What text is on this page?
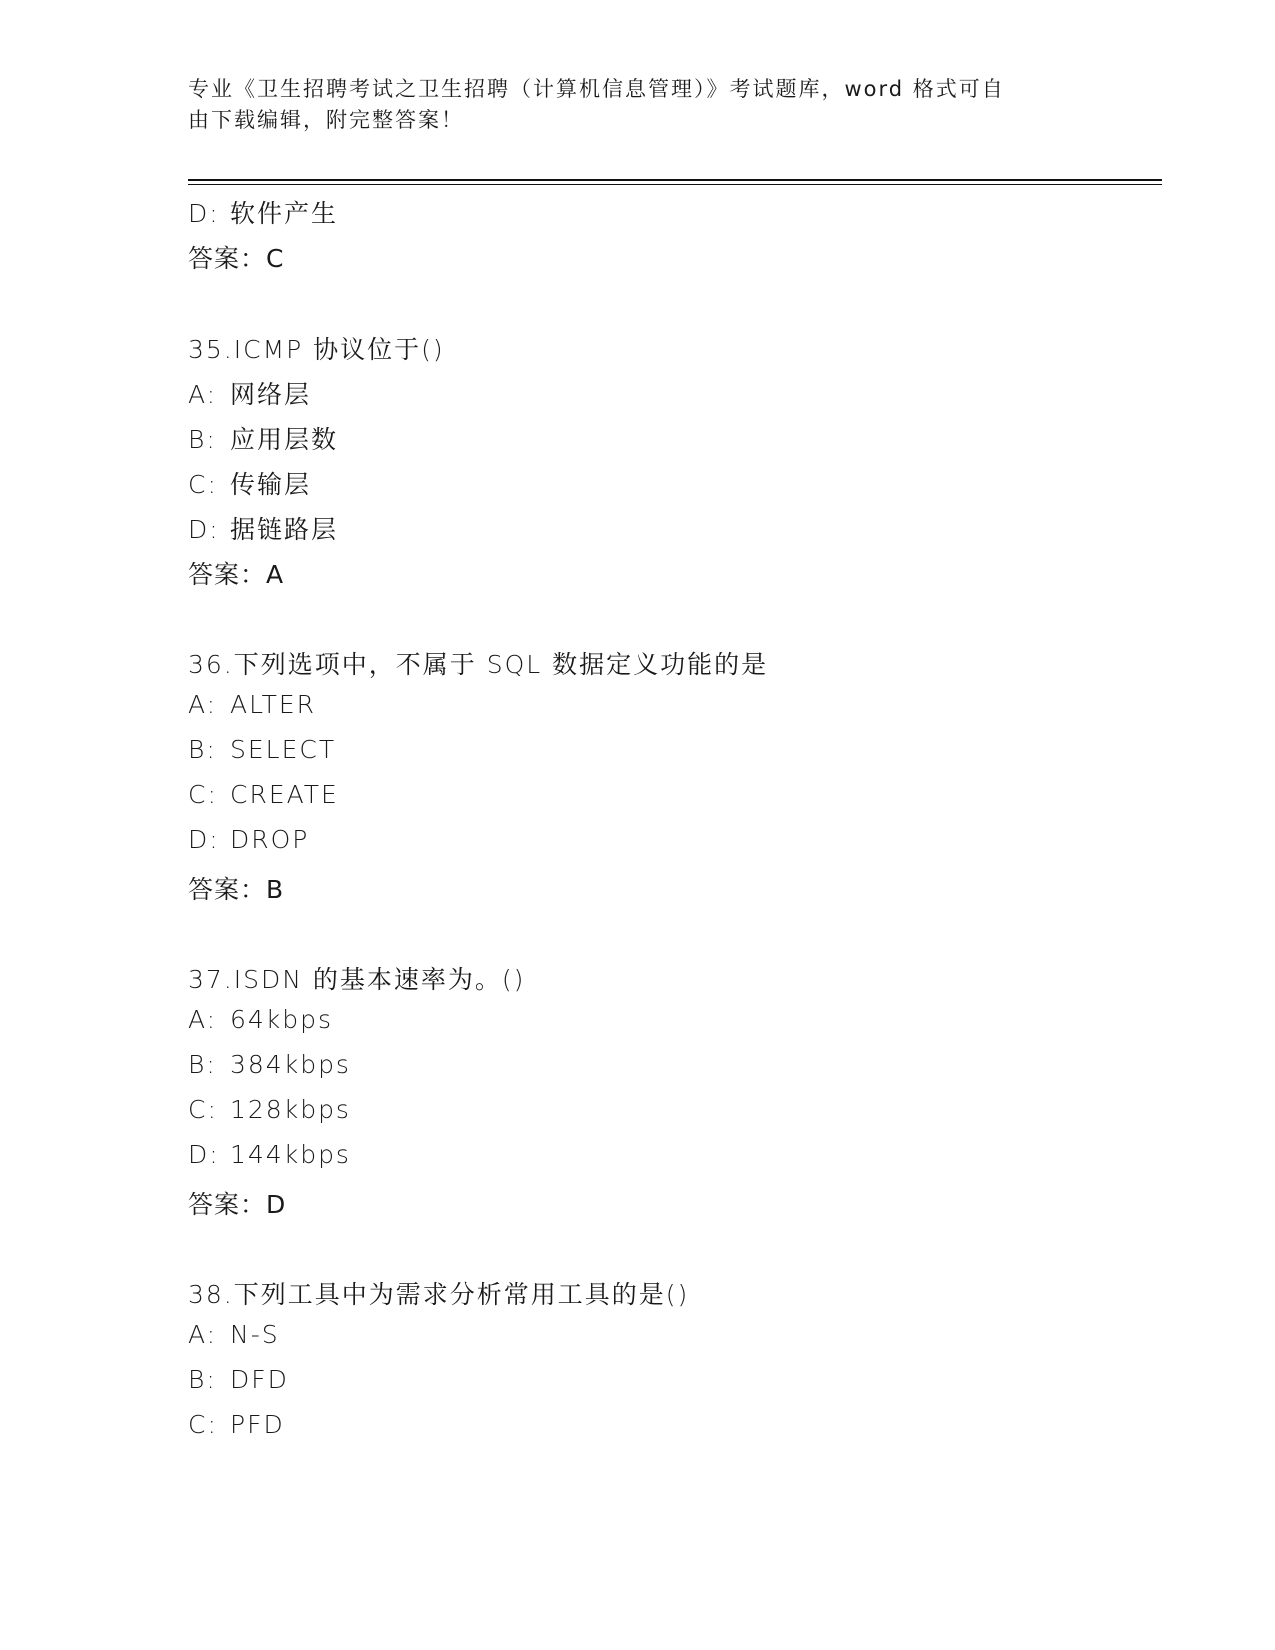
专业《卫生招聘考试之卫生招聘（计算机信息管理）》考试题库，word 格式可自
由下载编辑，附完整答案！
D: 软件产生
答案：C
35.ICMP 协议位于()
A: 网络层
B: 应用层数
C: 传输层
D: 据链路层
答案：A
36.下列选项中，不属于 SQL 数据定义功能的是
A: ALTER
B: SELECT
C: CREATE
D: DROP
答案：B
37.ISDN 的基本速率为。()
A: 64kbps
B: 384kbps
C: 128kbps
D: 144kbps
答案：D
38.下列工具中为需求分析常用工具的是()
A: N-S
B: DFD
C: PFD
